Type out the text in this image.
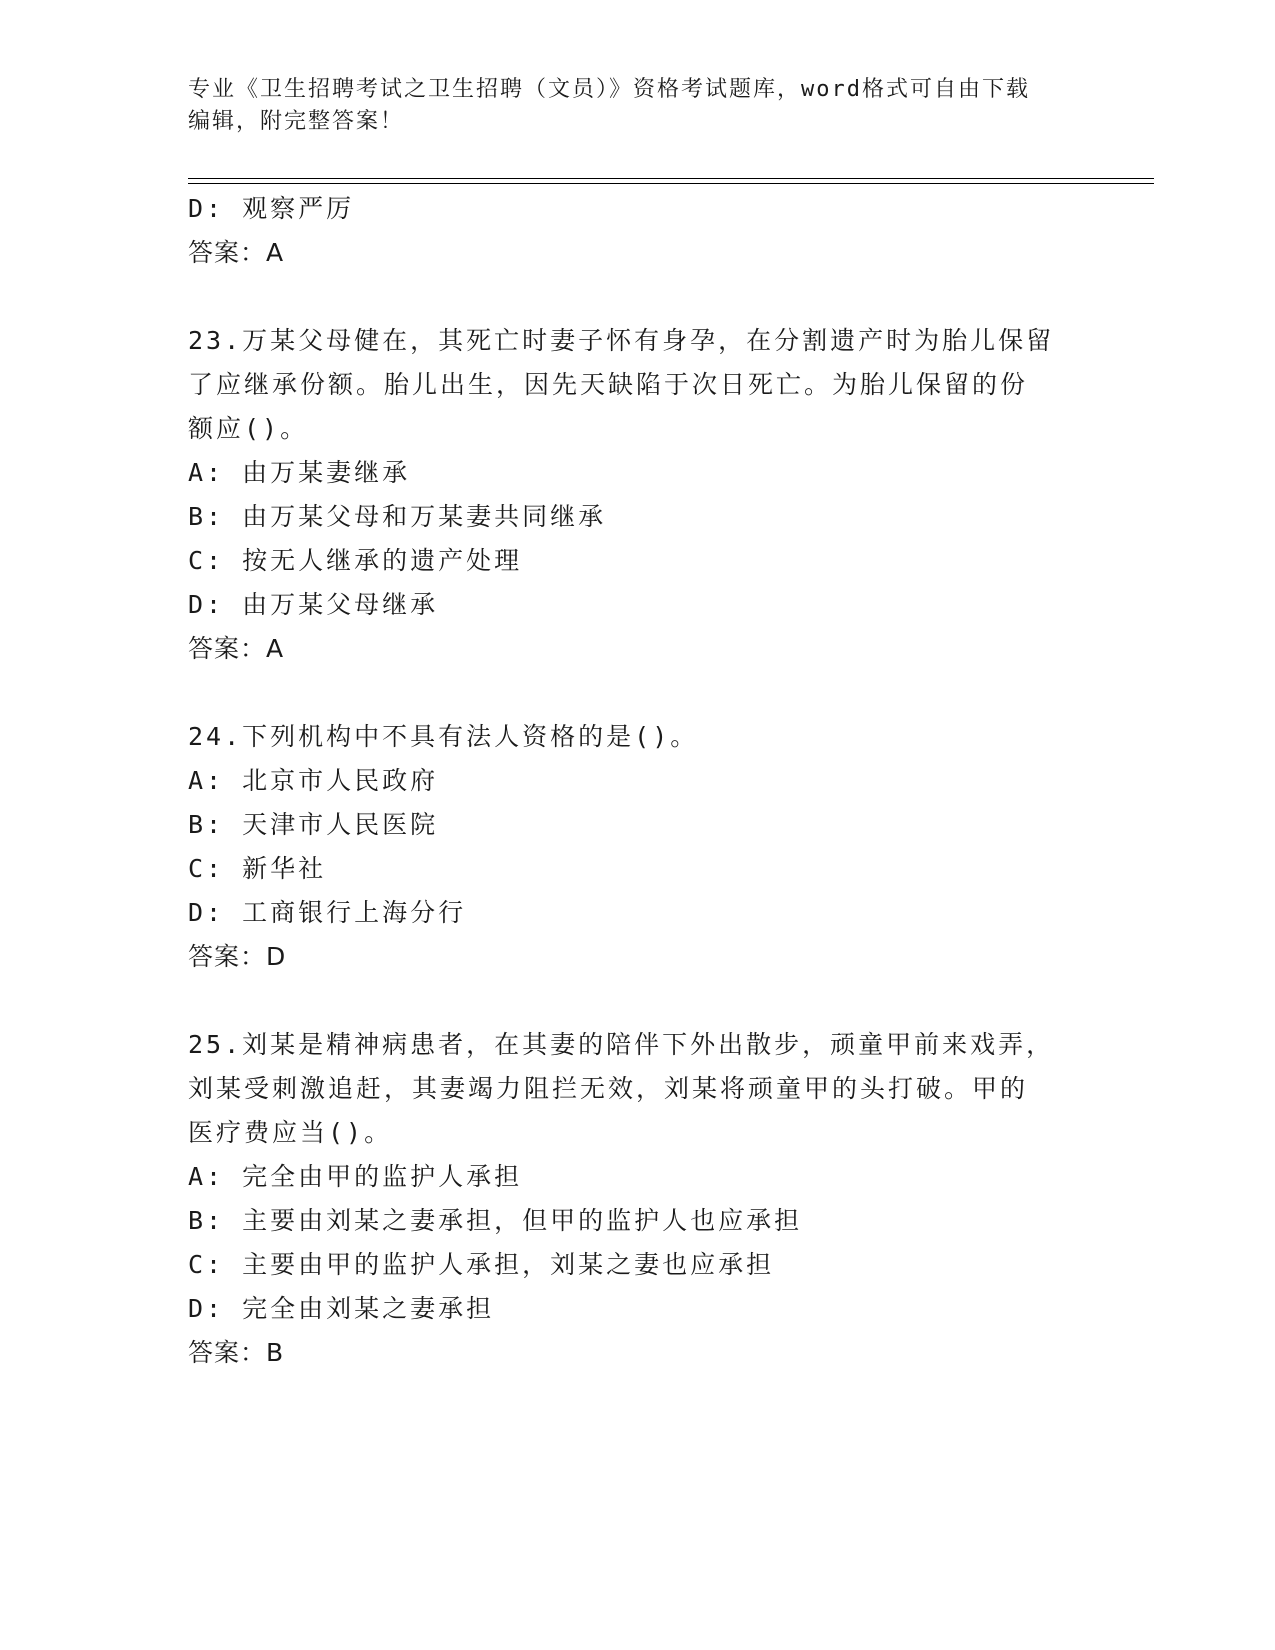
专业《卫生招聘考试之卫生招聘（文员）》资格考试题库，word格式可自由下载
编辑，附完整答案！
D: 观察严厉
答案：A
23.万某父母健在，其死亡时妻子怀有身孕，在分割遗产时为胎儿保留
了应继承份额。胎儿出生，因先天缺陷于次日死亡。为胎儿保留的份
额应()。
A: 由万某妻继承
B: 由万某父母和万某妻共同继承
C: 按无人继承的遗产处理
D: 由万某父母继承
答案：A
24.下列机构中不具有法人资格的是()。
A: 北京市人民政府
B: 天津市人民医院
C: 新华社
D: 工商银行上海分行
答案：D
25.刘某是精神病患者，在其妻的陪伴下外出散步，顽童甲前来戏弄，
刘某受刺激追赶，其妻竭力阻拦无效，刘某将顽童甲的头打破。甲的
医疗费应当()。
A: 完全由甲的监护人承担
B: 主要由刘某之妻承担，但甲的监护人也应承担
C: 主要由甲的监护人承担，刘某之妻也应承担
D: 完全由刘某之妻承担
答案：B
